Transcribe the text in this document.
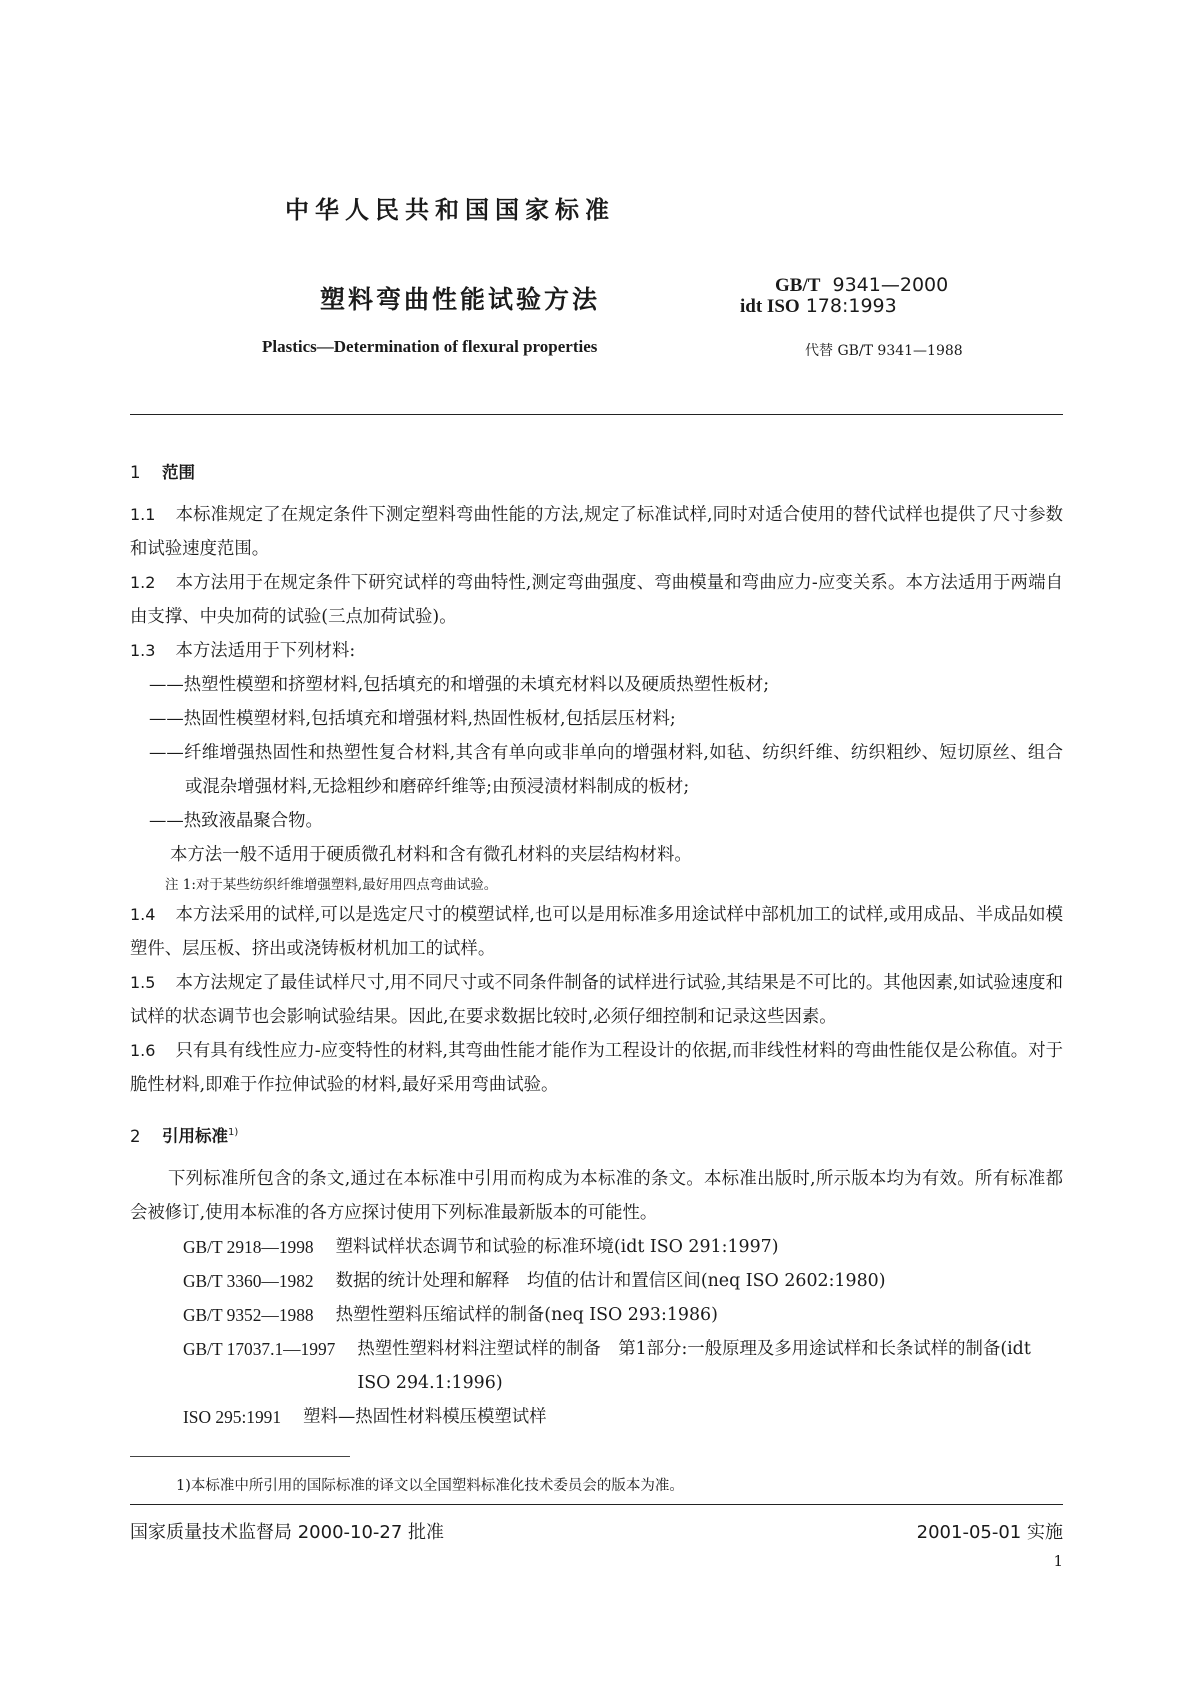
中华人民共和国国家标准
塑料弯曲性能试验方法	GB/T 9341—2000
idt ISO 178:1993
Plastics—Determination of flexural properties	代替 GB/T 9341—1988
1 范围
1.1 本标准规定了在规定条件下测定塑料弯曲性能的方法,规定了标准试样,同时对适合使用的替代试样也提供了尺寸参数和试验速度范围。
1.2 本方法用于在规定条件下研究试样的弯曲特性,测定弯曲强度、弯曲模量和弯曲应力-应变关系。本方法适用于两端自由支撑、中央加荷的试验(三点加荷试验)。
1.3 本方法适用于下列材料:
——热塑性模塑和挤塑材料,包括填充的和增强的未填充材料以及硬质热塑性板材;
——热固性模塑材料,包括填充和增强材料,热固性板材,包括层压材料;
——纤维增强热固性和热塑性复合材料,其含有单向或非单向的增强材料,如毡、纺织纤维、纺织粗纱、短切原丝、组合或混杂增强材料,无捻粗纱和磨碎纤维等;由预浸渍材料制成的板材;
——热致液晶聚合物。
本方法一般不适用于硬质微孔材料和含有微孔材料的夹层结构材料。
注 1:对于某些纺织纤维增强塑料,最好用四点弯曲试验。
1.4 本方法采用的试样,可以是选定尺寸的模塑试样,也可以是用标准多用途试样中部机加工的试样,或用成品、半成品如模塑件、层压板、挤出或浇铸板材机加工的试样。
1.5 本方法规定了最佳试样尺寸,用不同尺寸或不同条件制备的试样进行试验,其结果是不可比的。其他因素,如试验速度和试样的状态调节也会影响试验结果。因此,在要求数据比较时,必须仔细控制和记录这些因素。
1.6 只有具有线性应力-应变特性的材料,其弯曲性能才能作为工程设计的依据,而非线性材料的弯曲性能仅是公称值。对于脆性材料,即难于作拉伸试验的材料,最好采用弯曲试验。
2 引用标准$^{1)}$
下列标准所包含的条文,通过在本标准中引用而构成为本标准的条文。本标准出版时,所示版本均为有效。所有标准都会被修订,使用本标准的各方应探讨使用下列标准最新版本的可能性。
GB/T 2918—1998 塑料试样状态调节和试验的标准环境(idt ISO 291:1997)
GB/T 3360—1982 数据的统计处理和解释　均值的估计和置信区间(neq ISO 2602:1980)
GB/T 9352—1988 热塑性塑料压缩试样的制备(neq ISO 293:1986)
GB/T 17037.1—1997 热塑性塑料材料注塑试样的制备　第1部分:一般原理及多用途试样和长条试样的制备(idt ISO 294.1:1996)
ISO 295:1991 塑料—热固性材料模压模塑试样
1)本标准中所引用的国际标准的译文以全国塑料标准化技术委员会的版本为准。
国家质量技术监督局 2000-10-27 批准	2001-05-01 实施
1
